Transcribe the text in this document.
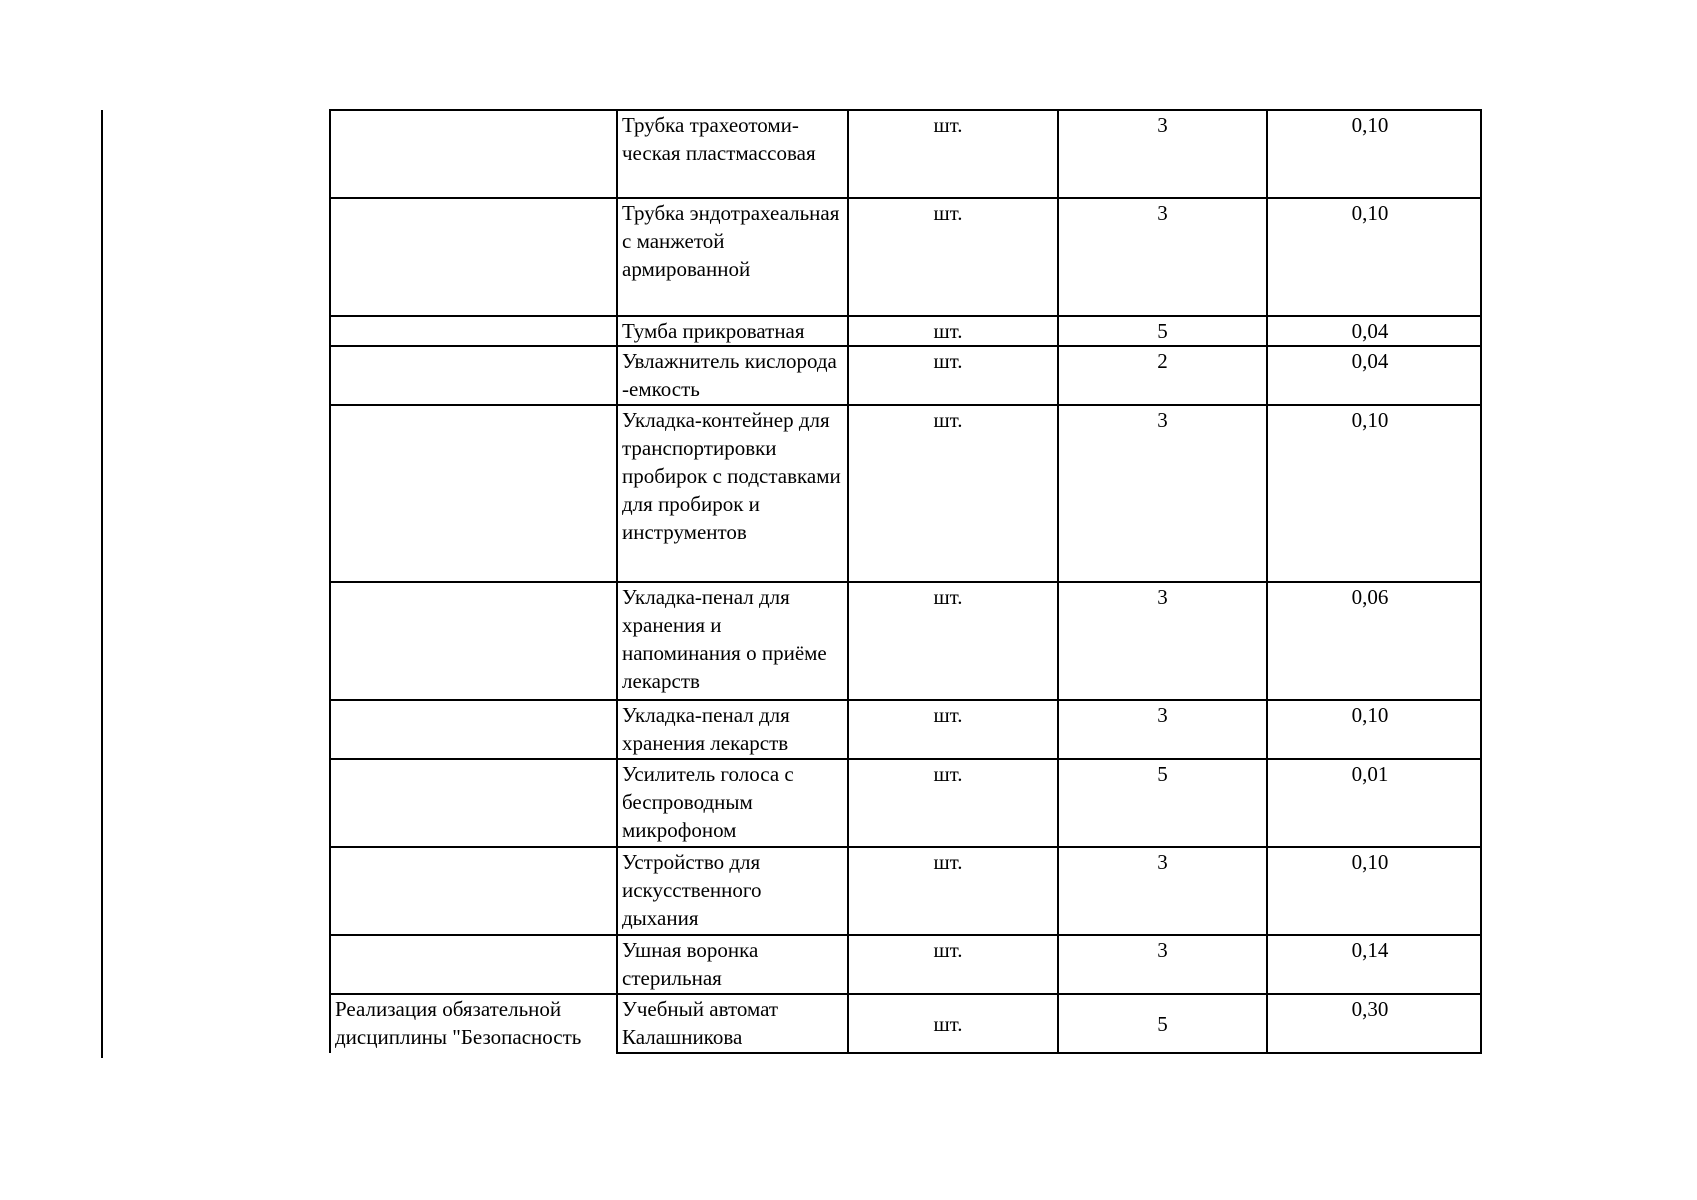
	Трубка трахеотоми-ческая пластмассовая	шт.	3	0,10
	Трубка эндотрахеальная с манжетой армированной	шт.	3	0,10
	Тумба прикроватная	шт.	5	0,04
	Увлажнитель кислорода -емкость	шт.	2	0,04
	Укладка-контейнер для транспортировки пробирок с подставками для пробирок и инструментов	шт.	3	0,10
	Укладка-пенал для хранения и напоминания о приёме лекарств	шт.	3	0,06
	Укладка-пенал для хранения лекарств	шт.	3	0,10
	Усилитель голоса с беспроводным микрофоном	шт.	5	0,01
	Устройство для искусственного дыхания	шт.	3	0,10
	Ушная воронка стерильная	шт.	3	0,14
Реализация обязательной дисциплины "Безопасность	Учебный автомат Калашникова	шт.	5	0,30
